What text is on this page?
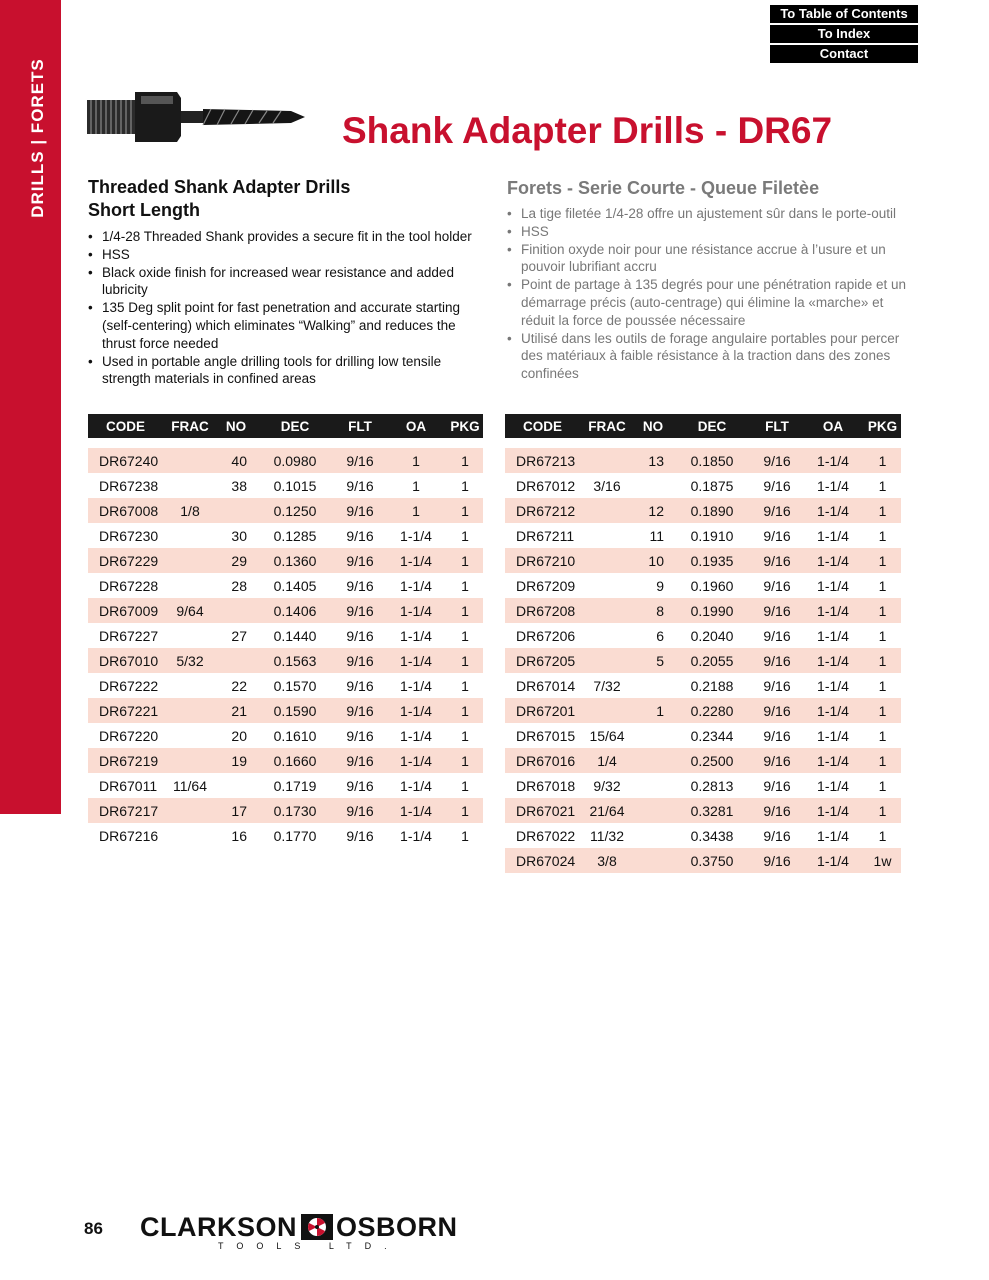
DRILLS | FORETS
To Table of Contents
To Index
Contact
Shank Adapter Drills - DR67
Threaded Shank Adapter Drills
Short Length
Forets - Serie Courte - Queue Filetèe
• 1/4-28 Threaded Shank provides a secure fit in the tool holder
• HSS
• Black oxide finish for increased wear resistance and added lubricity
• 135 Deg split point for fast penetration and accurate starting (self-centering) which eliminates “Walking” and reduces the thrust force needed
• Used in portable angle drilling tools for drilling low tensile strength materials in confined areas
• La tige filetée 1/4-28 offre un ajustement sûr dans le porte-outil
• HSS
• Finition oxyde noir pour une résistance accrue à l’usure et un pouvoir lubrifiant accru
• Point de partage à 135 degrés pour une pénétration rapide et un démarrage précis (auto-centrage) qui élimine la «marche» et réduit la force de poussée nécessaire
• Utilisé dans les outils de forage angulaire portables pour percer des matériaux à faible résistance à la traction dans des zones confinées
CODE	FRAC	NO	DEC	FLT	OA	PKG

DR67240		40	0.0980	9/16	1	1
DR67238		38	0.1015	9/16	1	1
DR67008	1/8		0.1250	9/16	1	1
DR67230		30	0.1285	9/16	1-1/4	1
DR67229		29	0.1360	9/16	1-1/4	1
DR67228		28	0.1405	9/16	1-1/4	1
DR67009	9/64		0.1406	9/16	1-1/4	1
DR67227		27	0.1440	9/16	1-1/4	1
DR67010	5/32		0.1563	9/16	1-1/4	1
DR67222		22	0.1570	9/16	1-1/4	1
DR67221		21	0.1590	9/16	1-1/4	1
DR67220		20	0.1610	9/16	1-1/4	1
DR67219		19	0.1660	9/16	1-1/4	1
DR67011	11/64		0.1719	9/16	1-1/4	1
DR67217		17	0.1730	9/16	1-1/4	1
DR67216		16	0.1770	9/16	1-1/4	1
CODE	FRAC	NO	DEC	FLT	OA	PKG

DR67213		13	0.1850	9/16	1-1/4	1
DR67012	3/16		0.1875	9/16	1-1/4	1
DR67212		12	0.1890	9/16	1-1/4	1
DR67211		11	0.1910	9/16	1-1/4	1
DR67210		10	0.1935	9/16	1-1/4	1
DR67209		9	0.1960	9/16	1-1/4	1
DR67208		8	0.1990	9/16	1-1/4	1
DR67206		6	0.2040	9/16	1-1/4	1
DR67205		5	0.2055	9/16	1-1/4	1
DR67014	7/32		0.2188	9/16	1-1/4	1
DR67201		1	0.2280	9/16	1-1/4	1
DR67015	15/64		0.2344	9/16	1-1/4	1
DR67016	1/4		0.2500	9/16	1-1/4	1
DR67018	9/32		0.2813	9/16	1-1/4	1
DR67021	21/64		0.3281	9/16	1-1/4	1
DR67022	11/32		0.3438	9/16	1-1/4	1
DR67024	3/8		0.3750	9/16	1-1/4	1w
86 CLARKSON OSBORN
TOOLS LTD.
